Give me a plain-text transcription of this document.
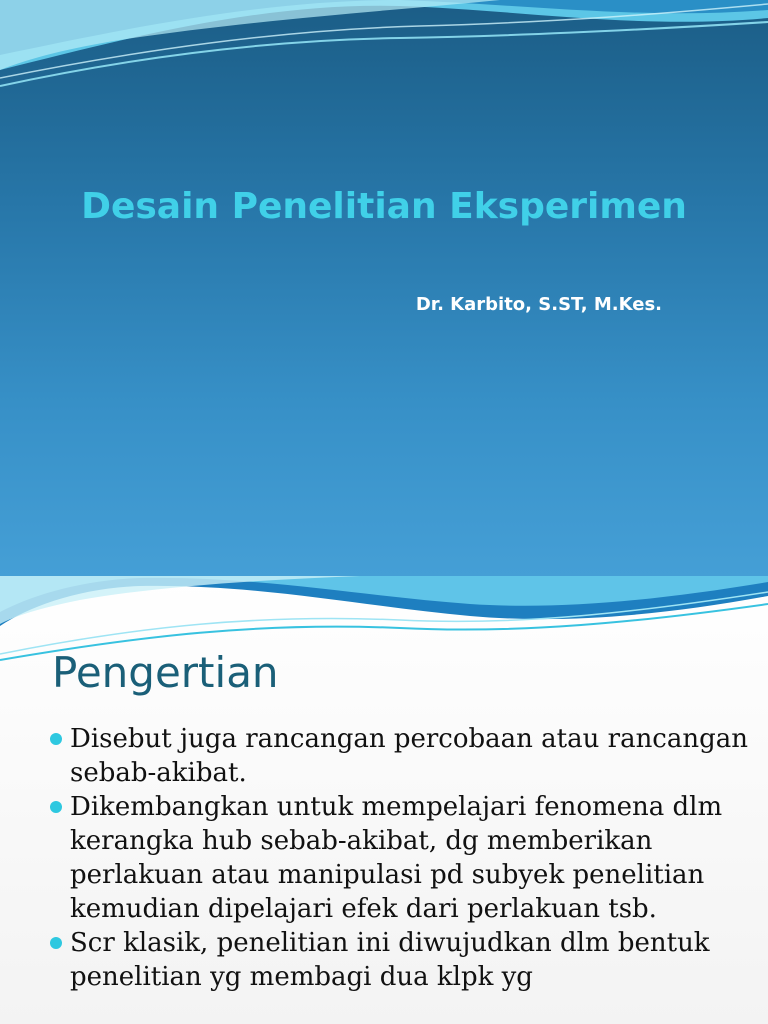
Desain Penelitian Eksperimen
Dr. Karbito, S.ST, M.Kes.
Pengertian
Disebut juga rancangan percobaan atau rancangan sebab-akibat.
Dikembangkan untuk mempelajari fenomena dlm kerangka hub sebab-akibat, dg memberikan perlakuan atau manipulasi pd subyek penelitian kemudian dipelajari efek dari perlakuan tsb.
Scr klasik, penelitian ini diwujudkan dlm bentuk penelitian yg membagi dua klpk yg
